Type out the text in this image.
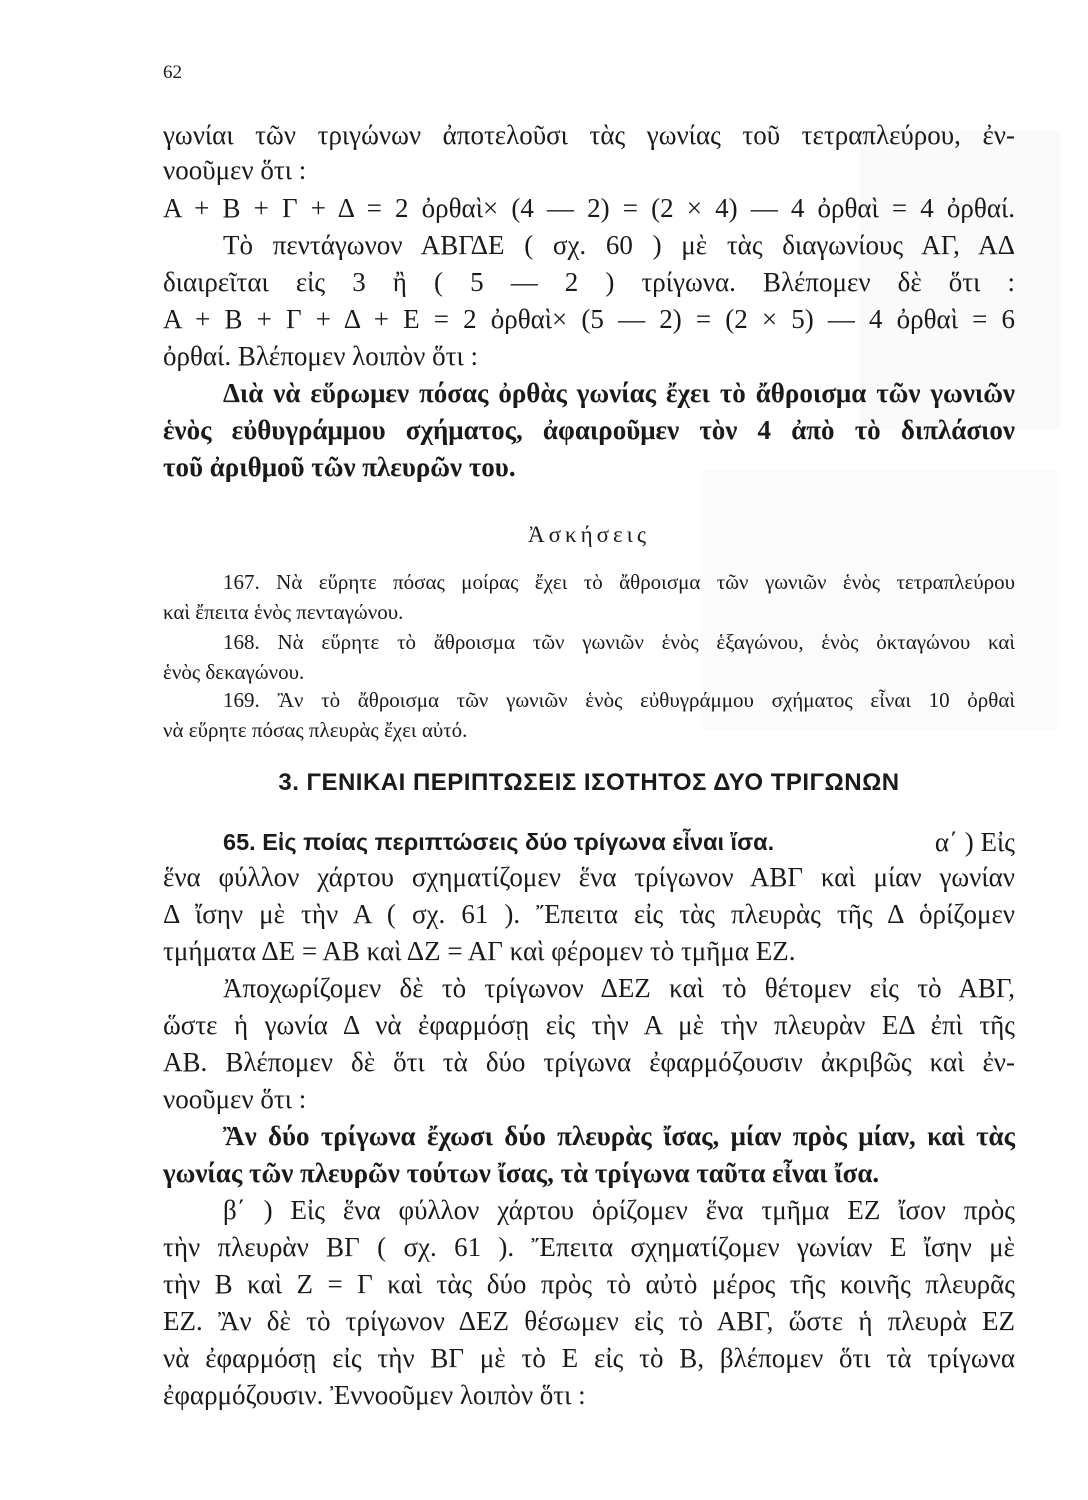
62
γωνίαι τῶν τριγώνων ἀποτελοῦσι τὰς γωνίας τοῦ τετραπλεύρου, ἐν-
νοοῦμεν ὅτι :
Α + Β + Γ + Δ = 2 ὀρθαὶ× (4 — 2) = (2 × 4) — 4 ὀρθαὶ = 4 ὀρθαί.
Τὸ πεντάγωνον ΑΒΓΔΕ ( σχ. 60 ) μὲ τὰς διαγωνίους ΑΓ, ΑΔ
διαιρεῖται εἰς 3 ἢ ( 5 — 2 ) τρίγωνα. Βλέπομεν δὲ ὅτι :
Α + Β + Γ + Δ + Ε = 2 ὀρθαὶ× (5 — 2) = (2 × 5) — 4 ὀρθαὶ = 6
ὀρθαί. Βλέπομεν λοιπὸν ὅτι :
Διὰ νὰ εὕρωμεν πόσας ὀρθὰς γωνίας ἔχει τὸ ἄθροισμα τῶν γωνιῶν
ἑνὸς εὐθυγράμμου σχήματος, ἀφαιροῦμεν τὸν 4 ἀπὸ τὸ διπλάσιον
τοῦ ἀριθμοῦ τῶν πλευρῶν του.
Ἀσκήσεις
167. Νὰ εὕρητε πόσας μοίρας ἔχει τὸ ἄθροισμα τῶν γωνιῶν ἑνὸς τετραπλεύρου
καὶ ἔπειτα ἑνὸς πενταγώνου.
168. Νὰ εὕρητε τὸ ἄθροισμα τῶν γωνιῶν ἑνὸς ἑξαγώνου, ἑνὸς ὀκταγώνου καὶ
ἑνὸς δεκαγώνου.
169. Ἂν τὸ ἄθροισμα τῶν γωνιῶν ἑνὸς εὐθυγράμμου σχήματος εἶναι 10 ὀρθαὶ
νὰ εὕρητε πόσας πλευρὰς ἔχει αὐτό.
3. ΓΕΝΙΚΑΙ ΠΕΡΙΠΤΩΣΕΙΣ ΙΣΟΤΗΤΟΣ ΔΥΟ ΤΡΙΓΩΝΩΝ
65. Εἰς ποίας περιπτώσεις δύο τρίγωνα εἶναι ἴσα.	α΄ ) Εἰς
ἕνα φύλλον χάρτου σχηματίζομεν ἕνα τρίγωνον ΑΒΓ καὶ μίαν γωνίαν
Δ ἴσην μὲ τὴν Α ( σχ. 61 ). Ἔπειτα εἰς τὰς πλευρὰς τῆς Δ ὁρίζομεν
τμήματα ΔΕ = ΑΒ καὶ ΔΖ = ΑΓ καὶ φέρομεν τὸ τμῆμα ΕΖ.
Ἀποχωρίζομεν δὲ τὸ τρίγωνον ΔΕΖ καὶ τὸ θέτομεν εἰς τὸ ΑΒΓ,
ὥστε ἡ γωνία Δ νὰ ἐφαρμόσῃ εἰς τὴν Α μὲ τὴν πλευρὰν ΕΔ ἐπὶ τῆς
ΑΒ. Βλέπομεν δὲ ὅτι τὰ δύο τρίγωνα ἐφαρμόζουσιν ἀκριβῶς καὶ ἐν-
νοοῦμεν ὅτι :
Ἂν δύο τρίγωνα ἔχωσι δύο πλευρὰς ἴσας, μίαν πρὸς μίαν, καὶ τὰς
γωνίας τῶν πλευρῶν τούτων ἴσας, τὰ τρίγωνα ταῦτα εἶναι ἴσα.
β΄ ) Εἰς ἕνα φύλλον χάρτου ὁρίζομεν ἕνα τμῆμα ΕΖ ἴσον πρὸς
τὴν πλευρὰν ΒΓ ( σχ. 61 ). Ἔπειτα σχηματίζομεν γωνίαν Ε ἴσην μὲ
τὴν Β καὶ Ζ = Γ καὶ τὰς δύο πρὸς τὸ αὐτὸ μέρος τῆς κοινῆς πλευρᾶς
ΕΖ. Ἂν δὲ τὸ τρίγωνον ΔΕΖ θέσωμεν εἰς τὸ ΑΒΓ, ὥστε ἡ πλευρὰ ΕΖ
νὰ ἐφαρμόσῃ εἰς τὴν ΒΓ μὲ τὸ Ε εἰς τὸ Β, βλέπομεν ὅτι τὰ τρίγωνα
ἐφαρμόζουσιν. Ἐννοοῦμεν λοιπὸν ὅτι :
